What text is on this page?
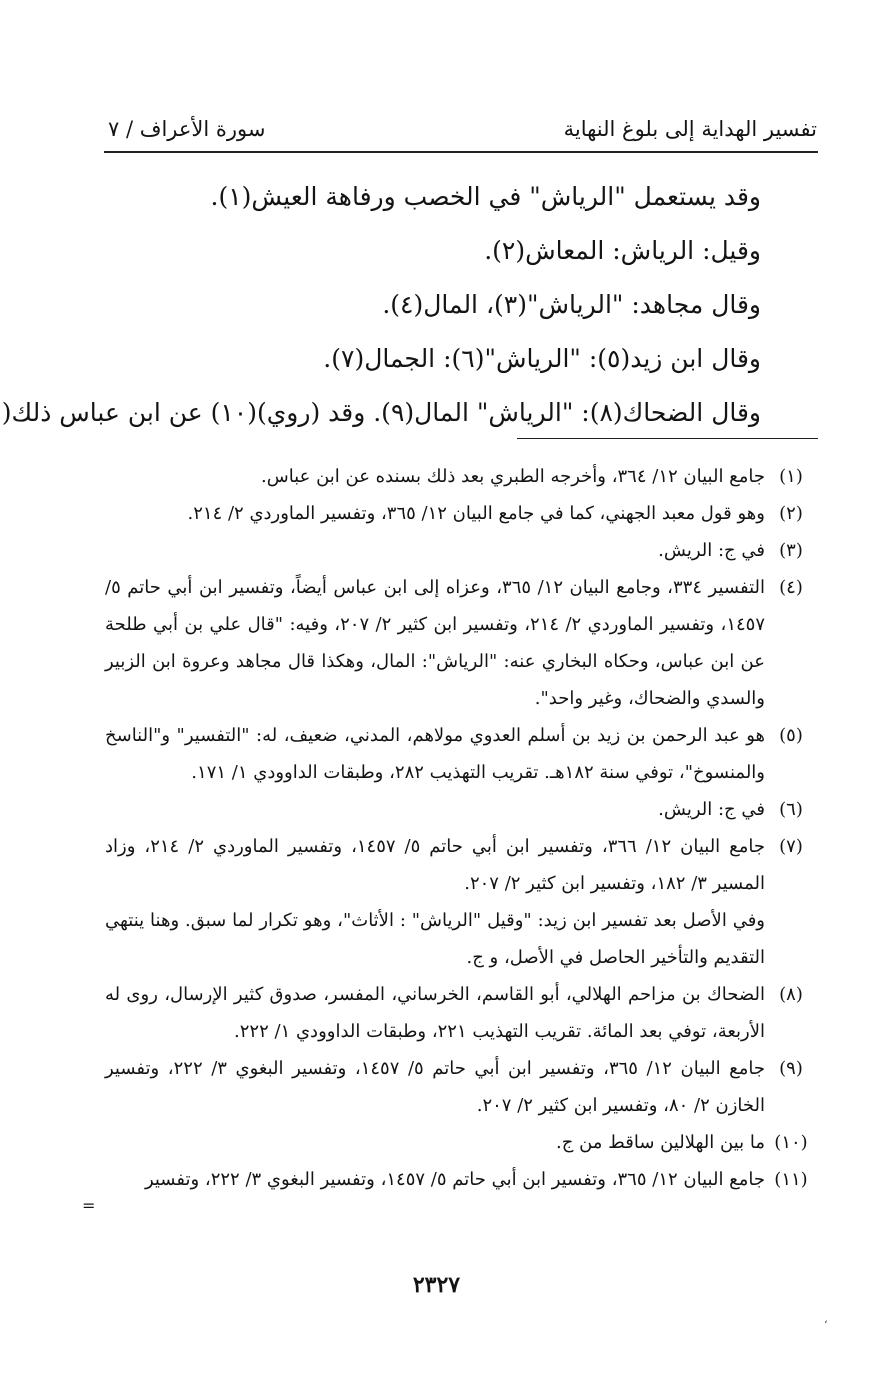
تفسير الهداية إلى بلوغ النهاية
سورة الأعراف / ٧

وقد يستعمل "الرياش" في الخصب ورفاهة العيش(١).

وقيل: الرياش: المعاش(٢).

وقال مجاهد: "الرياش"(٣)، المال(٤).

وقال ابن زيد(٥): "الرياش"(٦): الجمال(٧).

وقال الضحاك(٨): "الرياش" المال(٩). وقد (روي)(١٠) عن ابن عباس ذلك(

(١)
جامع البيان ١٢/ ٣٦٤، وأخرجه الطبري بعد ذلك بسنده عن ابن عباس.
(٢)
وهو قول معبد الجهني، كما في جامع البيان ١٢/ ٣٦٥، وتفسير الماوردي ٢/ ٢١٤.
(٣)
في ج: الريش.
(٤)
التفسير ٣٣٤، وجامع البيان ١٢/ ٣٦٥، وعزاه إلى ابن عباس أيضاً، وتفسير ابن أبي حاتم ٥/ ١٤٥٧، وتفسير الماوردي ٢/ ٢١٤، وتفسير ابن كثير ٢/ ٢٠٧، وفيه: "قال علي بن أبي طلحة عن ابن عباس، وحكاه البخاري عنه: "الرياش": المال، وهكذا قال مجاهد وعروة ابن الزبير والسدي والضحاك، وغير واحد".
(٥)
هو عبد الرحمن بن زيد بن أسلم العدوي مولاهم، المدني، ضعيف، له: "التفسير" و"الناسخ والمنسوخ"، توفي سنة ١٨٢هـ. تقريب التهذيب ٢٨٢، وطبقات الداوودي ١/ ١٧١.
(٦)
في ج: الريش.
(٧)
جامع البيان ١٢/ ٣٦٦، وتفسير ابن أبي حاتم ٥/ ١٤٥٧، وتفسير الماوردي ٢/ ٢١٤، وزاد المسير ٣/ ١٨٢، وتفسير ابن كثير ٢/ ٢٠٧.
وفي الأصل بعد تفسير ابن زيد: "وقيل "الرياش" : الأثاث"، وهو تكرار لما سبق. وهنا ينتهي التقديم والتأخير الحاصل في الأصل، و ج.
(٨)
الضحاك بن مزاحم الهلالي، أبو القاسم، الخرساني، المفسر، صدوق كثير الإرسال، روى له الأربعة، توفي بعد المائة. تقريب التهذيب ٢٢١، وطبقات الداوودي ١/ ٢٢٢.
(٩)
جامع البيان ١٢/ ٣٦٥، وتفسير ابن أبي حاتم ٥/ ١٤٥٧، وتفسير البغوي ٣/ ٢٢٢، وتفسير الخازن ٢/ ٨٠، وتفسير ابن كثير ٢/ ٢٠٧.
(١٠)
ما بين الهلالين ساقط من ج.
(١١)
جامع البيان ١٢/ ٣٦٥، وتفسير ابن أبي حاتم ٥/ ١٤٥٧، وتفسير البغوي ٣/ ٢٢٢، وتفسير
=
٢٣٢٧
،
